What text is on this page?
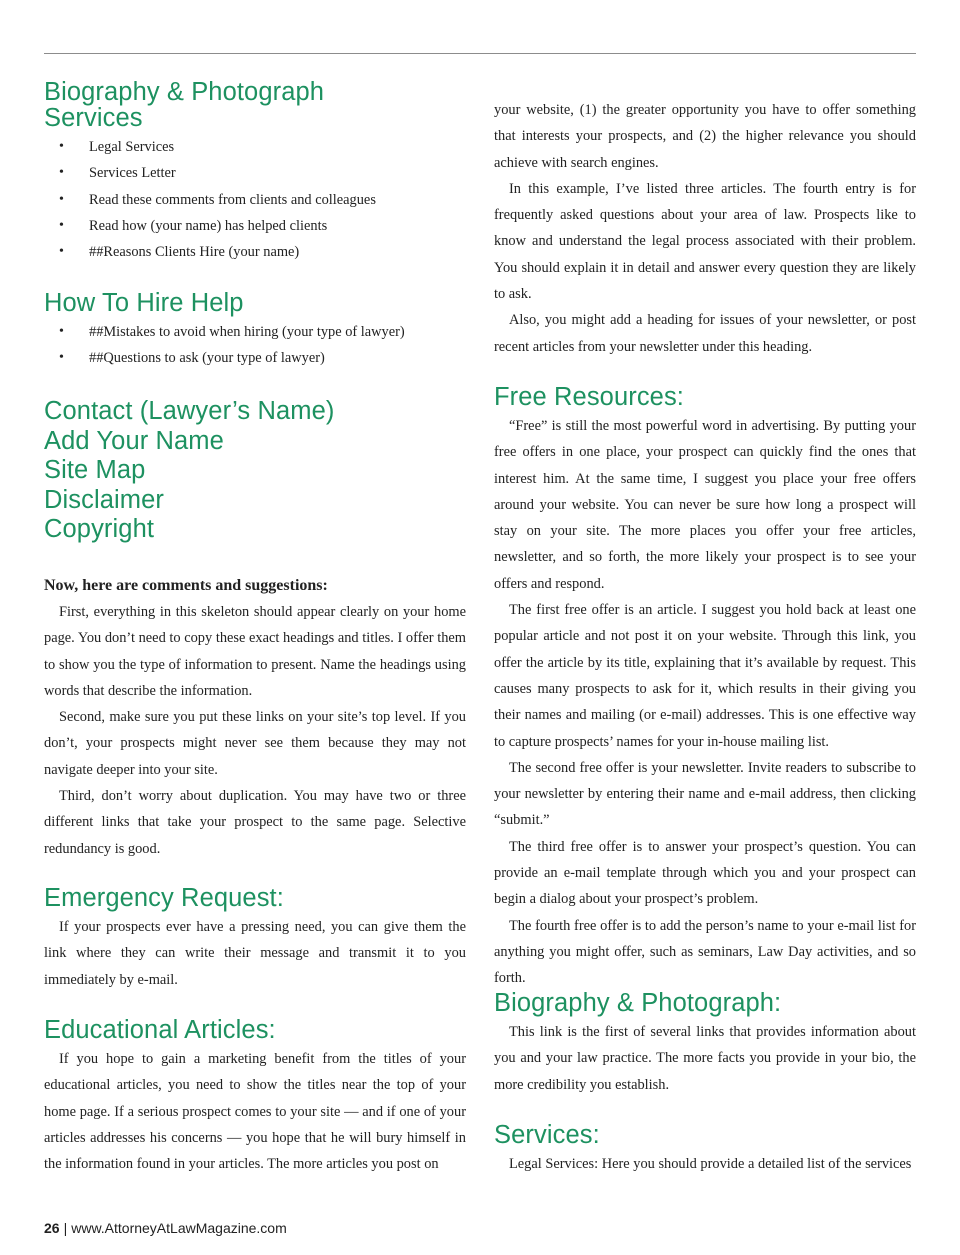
Biography & Photograph
Services
• Legal Services
• Services Letter
• Read these comments from clients and colleagues
• Read how (your name) has helped clients
• ##Reasons Clients Hire (your name)
How To Hire Help
• ##Mistakes to avoid when hiring (your type of lawyer)
• ##Questions to ask (your type of lawyer)
Contact (Lawyer’s Name)
Add Your Name
Site Map
Disclaimer
Copyright
Now, here are comments and suggestions:

First, everything in this skeleton should appear clearly on your home page. You don’t need to copy these exact headings and titles. I offer them to show you the type of information to present. Name the headings using words that describe the information.

Second, make sure you put these links on your site’s top level. If you don’t, your prospects might never see them because they may not navigate deeper into your site.

Third, don’t worry about duplication. You may have two or three different links that take your prospect to the same page. Selective redundancy is good.

Emergency Request:

If your prospects ever have a pressing need, you can give them the link where they can write their message and transmit it to you immediately by e-mail.

Educational Articles:

If you hope to gain a marketing benefit from the titles of your educational articles, you need to show the titles near the top of your home page. If a serious prospect comes to your site — and if one of your articles addresses his concerns — you hope that he will bury himself in the information found in your articles. The more articles you post on

your website, (1) the greater opportunity you have to offer something that interests your prospects, and (2) the higher relevance you should achieve with search engines.

In this example, I’ve listed three articles. The fourth entry is for frequently asked questions about your area of law. Prospects like to know and understand the legal process associated with their problem. You should explain it in detail and answer every question they are likely to ask.

Also, you might add a heading for issues of your newsletter, or post recent articles from your newsletter under this heading.

Free Resources:

“Free” is still the most powerful word in advertising. By putting your free offers in one place, your prospect can quickly find the ones that interest him. At the same time, I suggest you place your free offers around your website. You can never be sure how long a prospect will stay on your site. The more places you offer your free articles, newsletter, and so forth, the more likely your prospect is to see your offers and respond.

The first free offer is an article. I suggest you hold back at least one popular article and not post it on your website. Through this link, you offer the article by its title, explaining that it’s available by request. This causes many prospects to ask for it, which results in their giving you their names and mailing (or e-mail) addresses. This is one effective way to capture prospects’ names for your in-house mailing list.

The second free offer is your newsletter. Invite readers to subscribe to your newsletter by entering their name and e-mail address, then clicking “submit.”

The third free offer is to answer your prospect’s question. You can provide an e-mail template through which you and your prospect can begin a dialog about your prospect’s problem.

The fourth free offer is to add the person’s name to your e-mail list for anything you might offer, such as seminars, Law Day activities, and so forth.

Biography & Photograph:

This link is the first of several links that provides information about you and your law practice. The more facts you provide in your bio, the more credibility you establish.

Services:

Legal Services: Here you should provide a detailed list of the services

26 | www.AttorneyAtLawMagazine.com
